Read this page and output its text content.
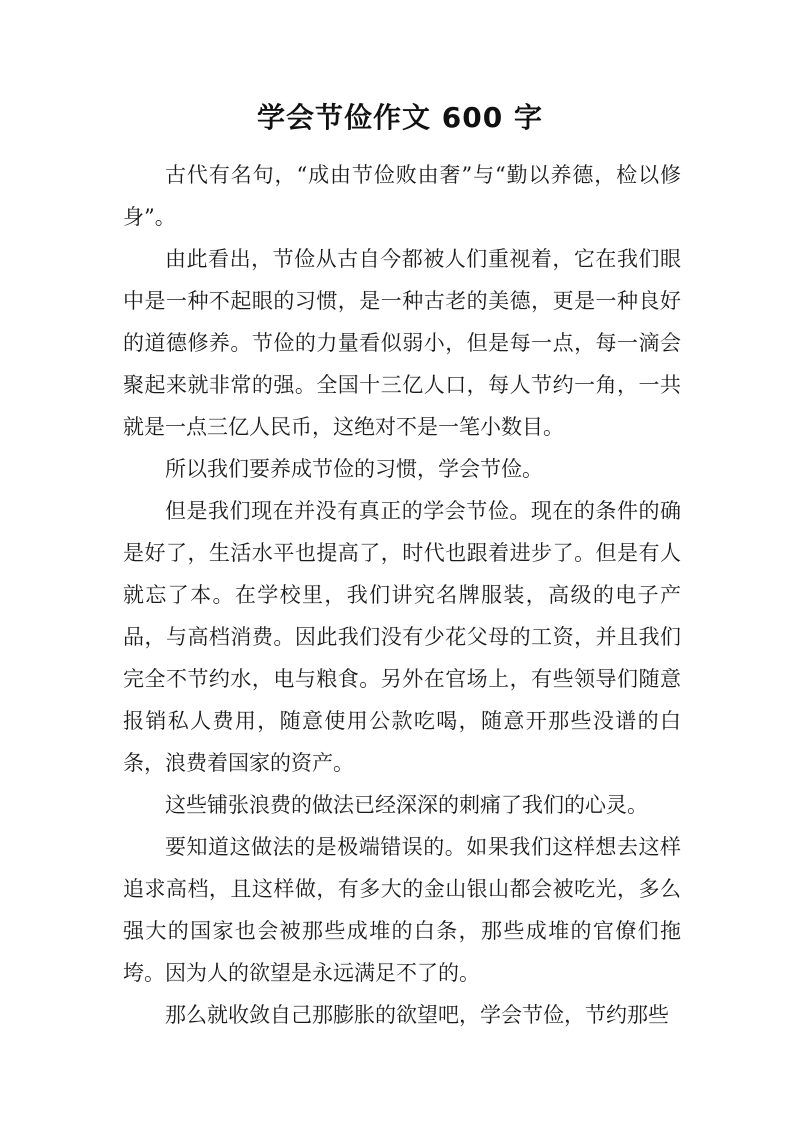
学会节俭作文 600 字

古代有名句，“成由节俭败由奢”与“勤以养德，检以修身”。

由此看出，节俭从古自今都被人们重视着，它在我们眼中是一种不起眼的习惯，是一种古老的美德，更是一种良好的道德修养。节俭的力量看似弱小，但是每一点，每一滴会聚起来就非常的强。全国十三亿人口，每人节约一角，一共就是一点三亿人民币，这绝对不是一笔小数目。

所以我们要养成节俭的习惯，学会节俭。

但是我们现在并没有真正的学会节俭。现在的条件的确是好了，生活水平也提高了，时代也跟着进步了。但是有人就忘了本。在学校里，我们讲究名牌服装，高级的电子产品，与高档消费。因此我们没有少花父母的工资，并且我们完全不节约水，电与粮食。另外在官场上，有些领导们随意报销私人费用，随意使用公款吃喝，随意开那些没谱的白条，浪费着国家的资产。

这些铺张浪费的做法已经深深的刺痛了我们的心灵。

要知道这做法的是极端错误的。如果我们这样想去这样追求高档，且这样做，有多大的金山银山都会被吃光，多么强大的国家也会被那些成堆的白条，那些成堆的官僚们拖垮。因为人的欲望是永远满足不了的。

那么就收敛自己那膨胀的欲望吧，学会节俭，节约那些
